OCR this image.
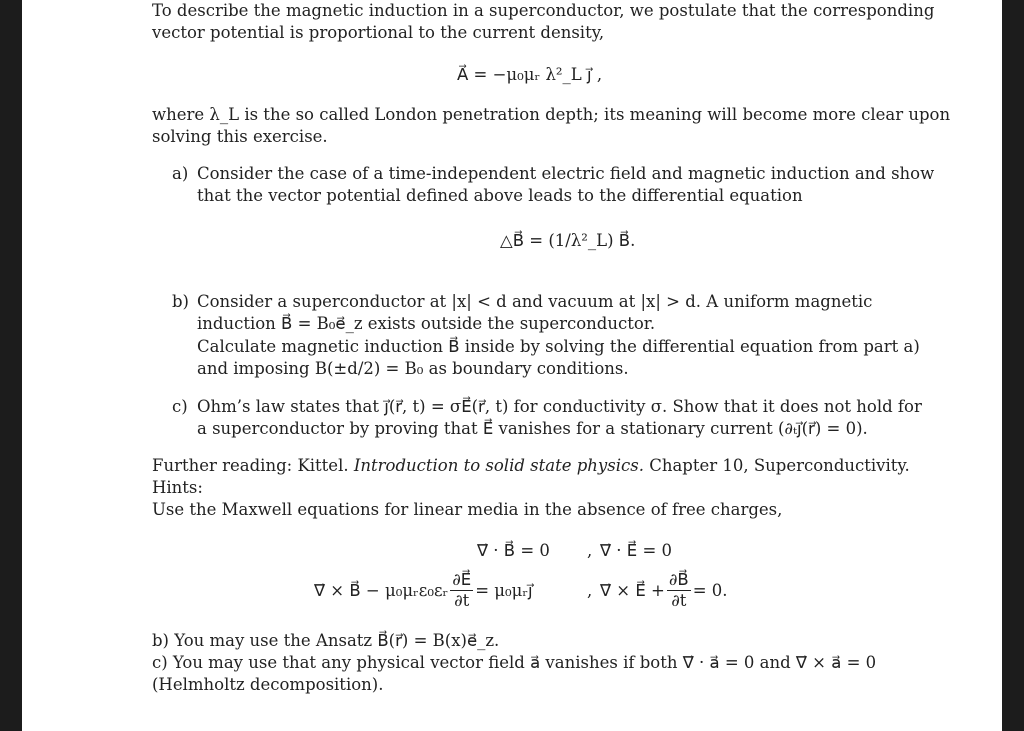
To describe the magnetic induction in a superconductor, we postulate that the corresponding
vector potential is proportional to the current density,
A⃗ = −μ₀μᵣ λ²_L j⃗ ,
where λ_L is the so called London penetration depth; its meaning will become more clear upon
solving this exercise.
a) Consider the case of a time-independent electric field and magnetic induction and show
that the vector potential defined above leads to the differential equation
△B⃗ = (1/λ²_L) B⃗.
b) Consider a superconductor at |x| < d and vacuum at |x| > d. A uniform magnetic
induction B⃗ = B₀e⃗_z exists outside the superconductor.
Calculate magnetic induction B⃗ inside by solving the differential equation from part a)
and imposing B(±d/2) = B₀ as boundary conditions.
c) Ohm’s law states that j⃗(r⃗, t) = σE⃗(r⃗, t) for conductivity σ. Show that it does not hold for
a superconductor by proving that E⃗ vanishes for a stationary current (∂ₜj⃗(r⃗) = 0).
Further reading: Kittel. Introduction to solid state physics. Chapter 10, Superconductivity.
Hints:
Use the Maxwell equations for linear media in the absence of free charges,
∇⃗ · B⃗ = 0 , ∇⃗ · E⃗ = 0
∇⃗ × B⃗ − μ₀μᵣε₀εᵣ $\frac{\partial E⃗}{\partial t}$ = μ₀μᵣj⃗	, ∇⃗ × E⃗ + $\frac{\partial B⃗}{\partial t} = 0$.
b) You may use the Ansatz B⃗(r⃗) = B(x)e⃗_z.
c) You may use that any physical vector field a⃗ vanishes if both ∇⃗ · a⃗ = 0 and ∇⃗ × a⃗ = 0
(Helmholtz decomposition).
